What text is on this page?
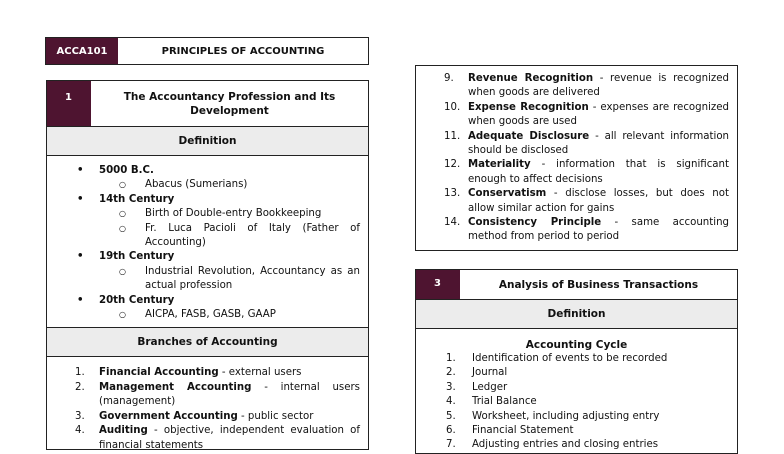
ACCA101	PRINCIPLES OF ACCOUNTING
1	The Accountancy Profession and Its Development
Definition
• 5000 B.C.
○ Abacus (Sumerians)
• 14th Century
○ Birth of Double-entry Bookkeeping
○ Fr. Luca Pacioli of Italy (Father of Accounting)
• 19th Century
○ Industrial Revolution, Accountancy as an actual profession
• 20th Century
○ AICPA, FASB, GASB, GAAP
Branches of Accounting
1. Financial Accounting - external users
2. Management Accounting - internal users (management)
3. Government Accounting - public sector
4. Auditing - objective, independent evaluation of financial statements
9. Revenue Recognition - revenue is recognized when goods are delivered
10. Expense Recognition - expenses are recognized when goods are used
11. Adequate Disclosure - all relevant information should be disclosed
12. Materiality - information that is significant enough to affect decisions
13. Conservatism - disclose losses, but does not allow similar action for gains
14. Consistency Principle - same accounting method from period to period
3	Analysis of Business Transactions
Definition
Accounting Cycle
1. Identification of events to be recorded
2. Journal
3. Ledger
4. Trial Balance
5. Worksheet, including adjusting entry
6. Financial Statement
7. Adjusting entries and closing entries
